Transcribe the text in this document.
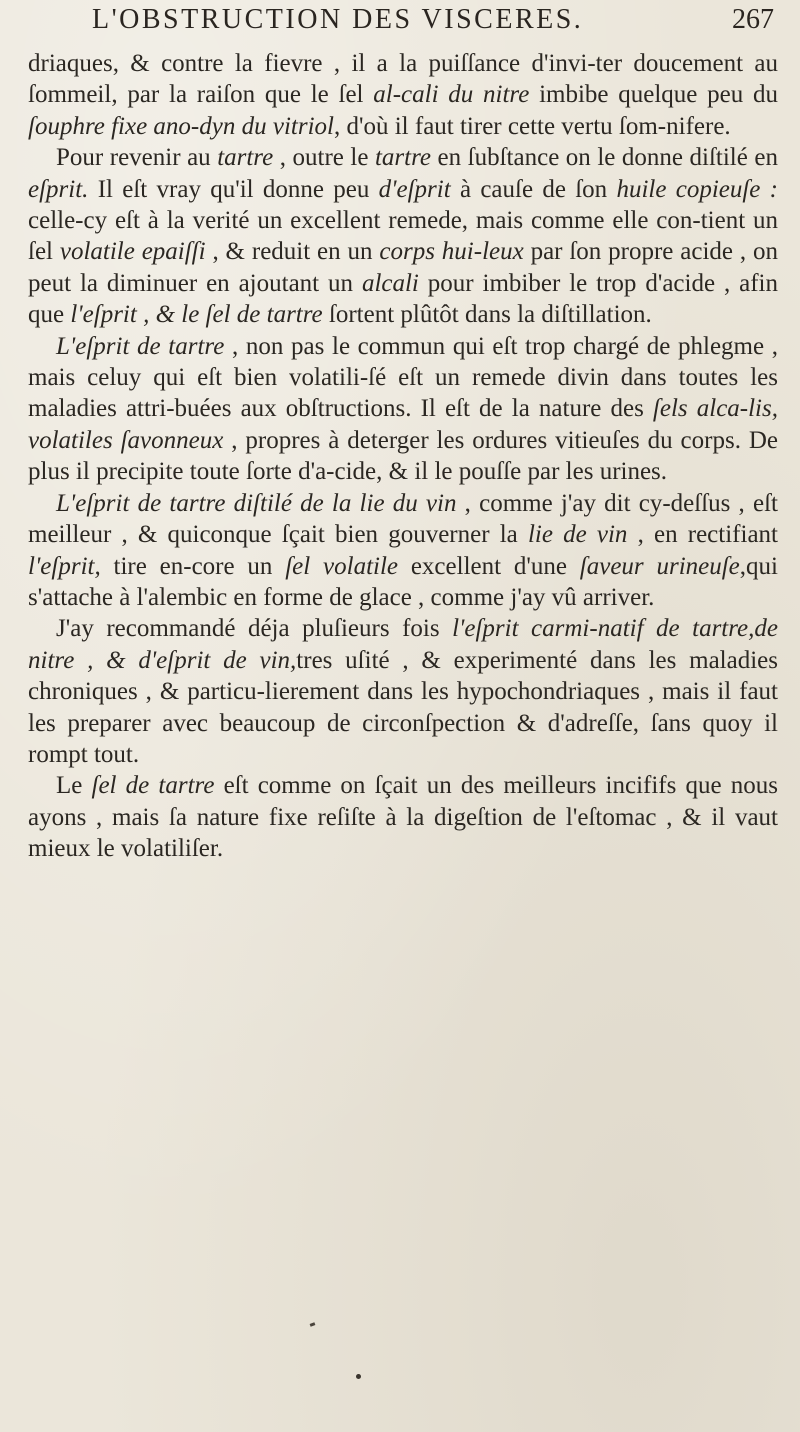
L'OBSTRUCTION DES VISCERES.	267

driaques, & contre la fievre , il a la puiſſance d'invi-ter doucement au ſommeil, par la raiſon que le ſel al-cali du nitre imbibe quelque peu du ſouphre fixe ano-dyn du vitriol, d'où il faut tirer cette vertu ſom-nifere.

Pour revenir au tartre , outre le tartre en ſubſtance on le donne diſtilé en eſprit. Il eſt vray qu'il donne peu d'eſprit à cauſe de ſon huile copieuſe : celle-cy eſt à la verité un excellent remede, mais comme elle con-tient un ſel volatile epaiſſi , & reduit en un corps hui-leux par ſon propre acide , on peut la diminuer en ajoutant un alcali pour imbiber le trop d'acide , afin que l'eſprit , & le ſel de tartre ſortent plûtôt dans la diſtillation.

L'eſprit de tartre , non pas le commun qui eſt trop chargé de phlegme , mais celuy qui eſt bien volatili-ſé eſt un remede divin dans toutes les maladies attri-buées aux obſtructions. Il eſt de la nature des ſels alca-lis, volatiles ſavonneux , propres à deterger les ordures vitieuſes du corps. De plus il precipite toute ſorte d'a-cide, & il le pouſſe par les urines.

L'eſprit de tartre diſtilé de la lie du vin , comme j'ay dit cy-deſſus , eſt meilleur , & quiconque ſçait bien gouverner la lie de vin , en rectifiant l'eſprit, tire en-core un ſel volatile excellent d'une ſaveur urineuſe,qui s'attache à l'alembic en forme de glace , comme j'ay vû arriver.

J'ay recommandé déja pluſieurs fois l'eſprit carmi-natif de tartre,de nitre , & d'eſprit de vin,tres uſité , & experimenté dans les maladies chroniques , & particu-lierement dans les hypochondriaques , mais il faut les preparer avec beaucoup de circonſpection & d'adreſſe, ſans quoy il rompt tout.

Le ſel de tartre eſt comme on ſçait un des meilleurs incififs que nous ayons , mais ſa nature fixe reſiſte à la digeſtion de l'eſtomac , & il vaut mieux le volatiliſer.
